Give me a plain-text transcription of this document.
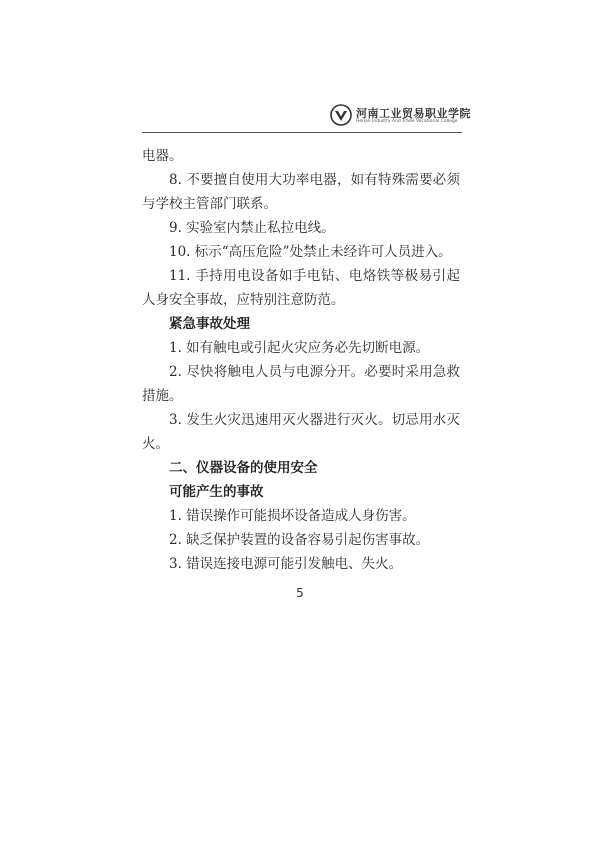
河南工业贸易职业学院
Henan Industry And Trade Vocational College

电器。

8. 不要擅自使用大功率电器，如有特殊需要必须与学校主管部门联系。

9. 实验室内禁止私拉电线。

10. 标示“高压危险”处禁止未经许可人员进入。

11. 手持用电设备如手电钻、电烙铁等极易引起人身安全事故，应特别注意防范。

紧急事故处理

1. 如有触电或引起火灾应务必先切断电源。

2. 尽快将触电人员与电源分开。必要时采用急救措施。

3. 发生火灾迅速用灭火器进行灭火。切忌用水灭火。

二、仪器设备的使用安全

可能产生的事故

1. 错误操作可能损坏设备造成人身伤害。

2. 缺乏保护装置的设备容易引起伤害事故。

3. 错误连接电源可能引发触电、失火。

5
